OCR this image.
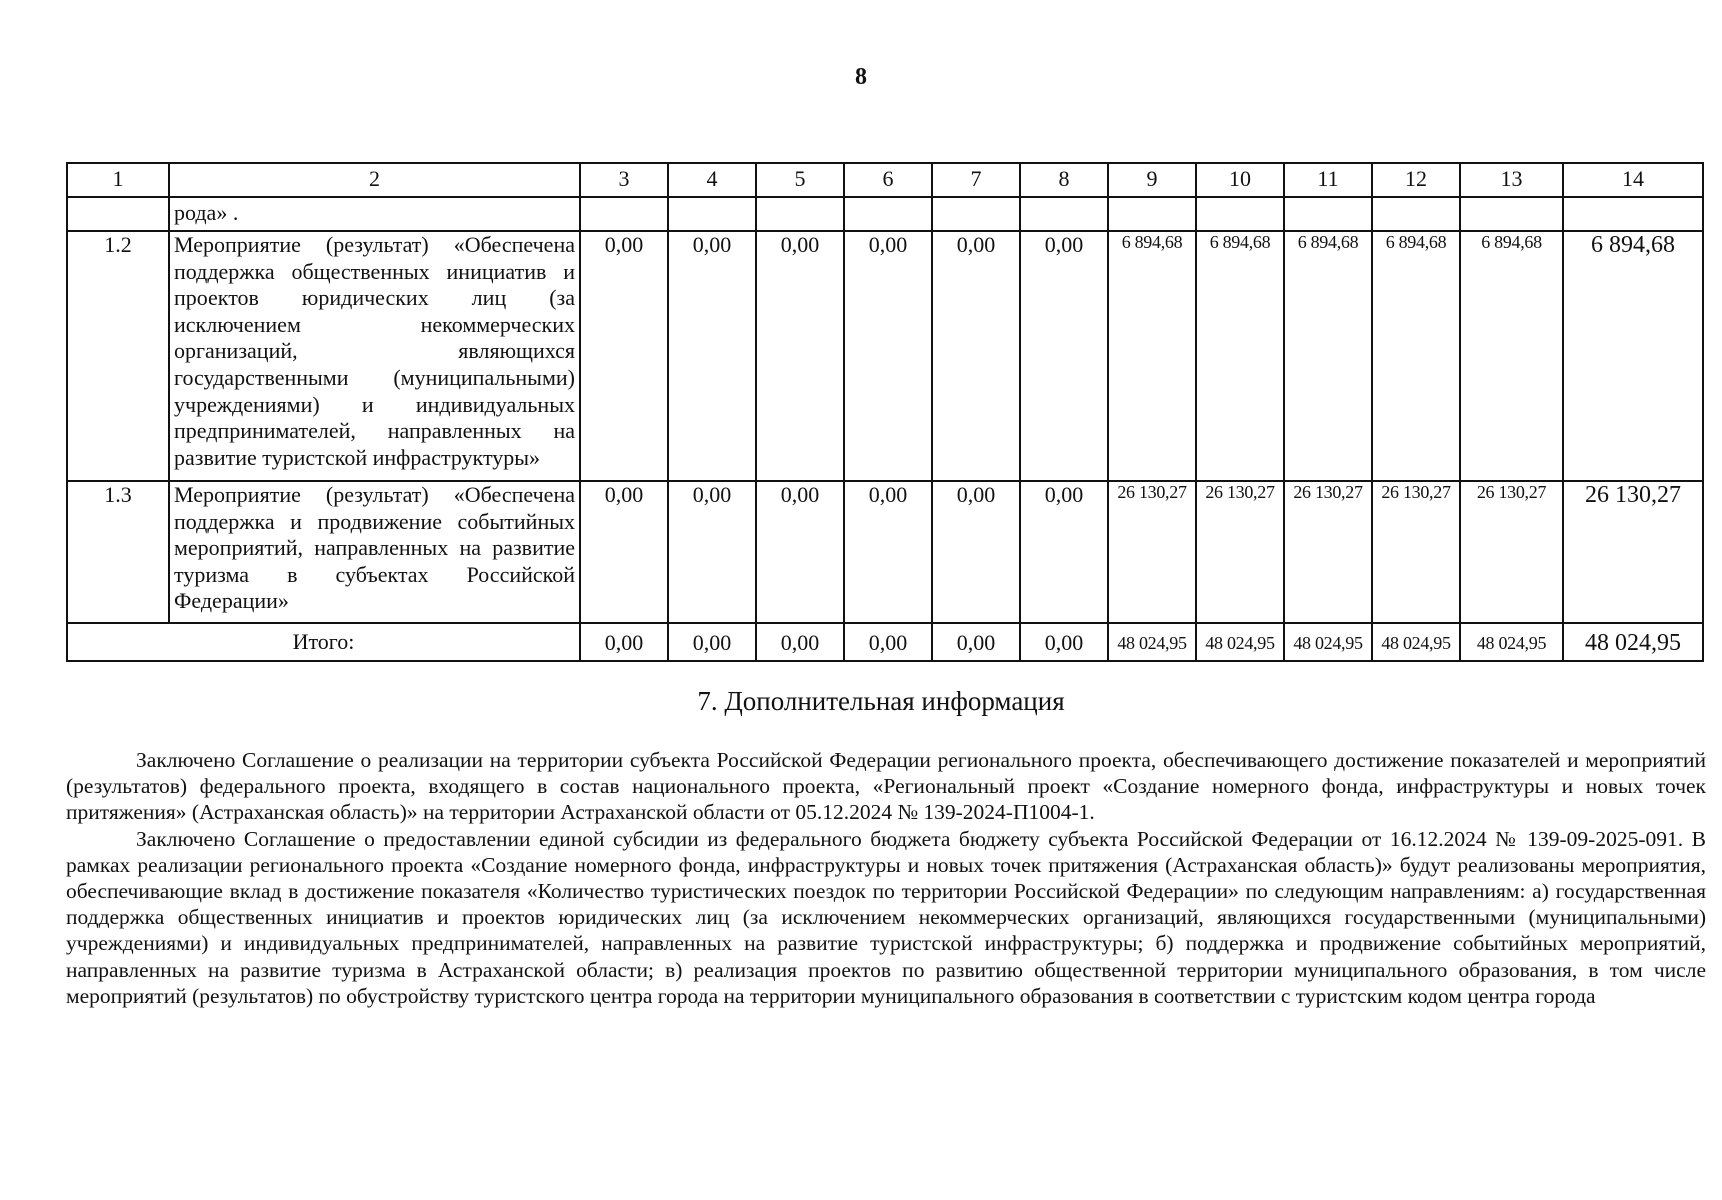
8
1	2	3	4	5	6	7	8	9	10	11	12	13	14
	рода» .												
1.2	Мероприятие (результат) «Обеспечена поддержка общественных инициатив и проектов юридических лиц (за исключением некоммерческих организаций, являющихся государственными (муниципальными) учреждениями) и индивидуальных предпринимателей, направленных на развитие туристской инфраструктуры»	0,00	0,00	0,00	0,00	0,00	0,00	6 894,68	6 894,68	6 894,68	6 894,68	6 894,68	6 894,68
1.3	Мероприятие (результат) «Обеспечена поддержка и продвижение событийных мероприятий, направленных на развитие туризма в субъектах Российской Федерации»	0,00	0,00	0,00	0,00	0,00	0,00	26 130,27	26 130,27	26 130,27	26 130,27	26 130,27	26 130,27
Итого:		0,00	0,00	0,00	0,00	0,00	0,00	48 024,95	48 024,95	48 024,95	48 024,95	48 024,95	48 024,95
7. Дополнительная информация

Заключено Соглашение о реализации на территории субъекта Российской Федерации регионального проекта, обеспечивающего достижение показателей и мероприятий (результатов) федерального проекта, входящего в состав национального проекта, «Региональный проект «Создание номерного фонда, инфраструктуры и новых точек притяжения» (Астраханская область)» на территории Астраханской области от 05.12.2024 № 139-2024-П1004-1.

Заключено Соглашение о предоставлении единой субсидии из федерального бюджета бюджету субъекта Российской Федерации от 16.12.2024 № 139-09-2025-091. В рамках реализации регионального проекта «Создание номерного фонда, инфраструктуры и новых точек притяжения (Астраханская область)» будут реализованы мероприятия, обеспечивающие вклад в достижение показателя «Количество туристических поездок по территории Российской Федерации» по следующим направлениям: а) государственная поддержка общественных инициатив и проектов юридических лиц (за исключением некоммерческих организаций, являющихся государственными (муниципальными) учреждениями) и индивидуальных предпринимателей, направленных на развитие туристской инфраструктуры; б) поддержка и продвижение событийных мероприятий, направленных на развитие туризма в Астраханской области; в) реализация проектов по развитию общественной территории муниципального образования, в том числе мероприятий (результатов) по обустройству туристского центра города на территории муниципального образования в соответствии с туристским кодом центра города
